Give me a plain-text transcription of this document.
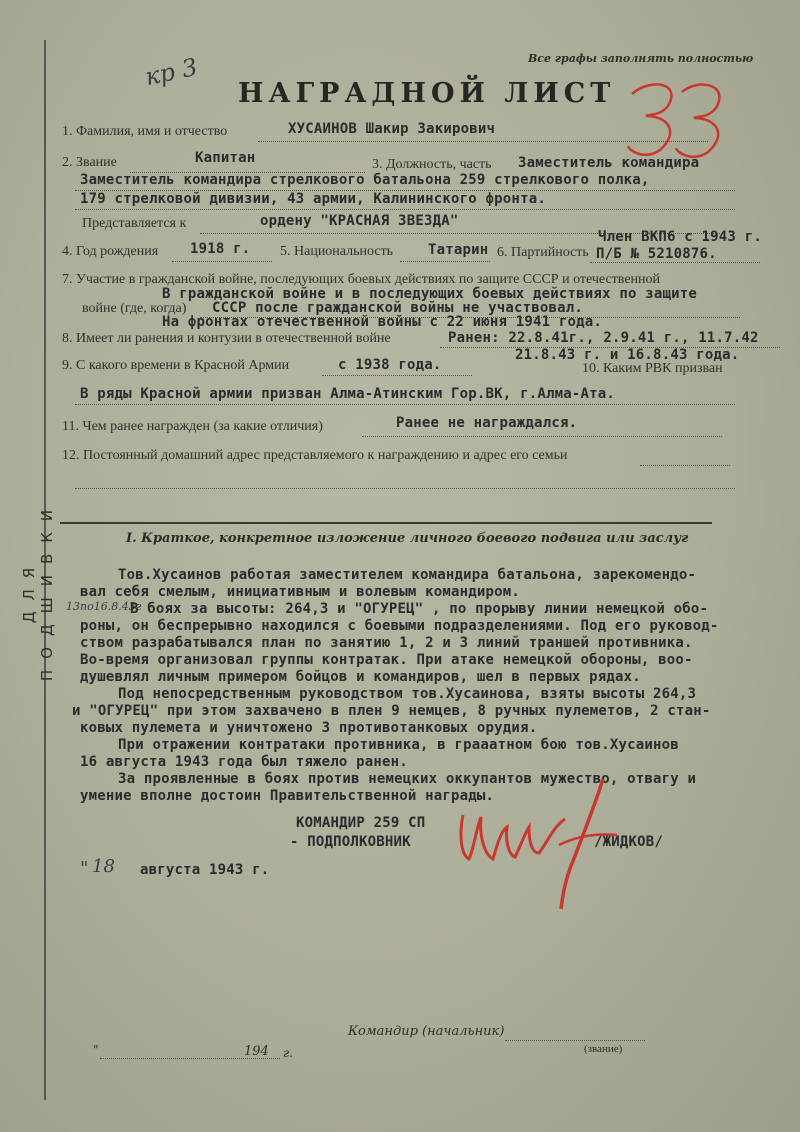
ДЛЯ ПОДШИВКИ
Все графы заполнять полностью
кр 3
НАГРАДНОЙ ЛИСТ
1. Фамилия, имя и отчество	ХУСАИНОВ Шакир Закирович
2. Звание	Капитан	3. Должность, часть Заместитель командира
Заместитель командира стрелкового батальона 259 стрелкового полка,
179 стрелковой дивизии, 43 армии, Калининского фронта.
Представляется к	ордену "КРАСНАЯ ЗВЕЗДА"
4. Год рождения 1918 г. 5. Национальность Татарин 6. Партийность
Член ВКП6 с 1943 г.
П/Б № 5210876.
7. Участие в гражданской войне, последующих боевых действиях по защите СССР и отечественной
войне (где, когда)
В гражданской войне и в последующих боевых действиях по защите
СССР после гражданской войны не участвовал.
На фронтах отечественной войны с 22 июня 1941 года.
8. Имеет ли ранения и контузии в отечественной войне	Ранен: 22.8.41г., 2.9.41 г., 11.7.42
21.8.43 г. и 16.8.43 года.
9. С какого времени в Красной Армии	с 1938 года.	10. Каким РВК призван
В ряды Красной армии призван Алма-Атинским Гор.ВК, г.Алма-Ата.
11. Чем ранее награжден (за какие отличия)	Ранее не награждался.
12. Постоянный домашний адрес представляемого к награждению и адрес его семьи
I. Краткое, конкретное изложение личного боевого подвига или заслуг
Тов.Хусаинов работая заместителем командира батальона, зарекомендо-
вал себя смелым, инициативным и волевым командиром.
13по16.8.43г
В боях за высоты: 264,3 и "ОГУРЕЦ" , по прорыву линии немецкой обо-
роны, он беспрерывно находился с боевыми подразделениями. Под его руковод-
ством разрабатывался план по занятию 1, 2 и 3 линий траншей противника.
Во-время организовал группы контратак. При атаке немецкой обороны, воо-
душевлял личным примером бойцов и командиров, шел в первых рядах.
Под непосредственным руководством тов.Хусаинова, взяты высоты 264,3
и "ОГУРЕЦ" при этом захвачено в плен 9 немцев, 8 ручных пулеметов, 2 стан-
ковых пулемета и уничтожено 3 противотанковых орудия.
При отражении контратаки противника, в грааатном бою тов.Хусаинов
16 августа 1943 года был тяжело ранен.
За проявленные в боях против немецких оккупантов мужество, отвагу и
умение вполне достоин Правительственной награды.
КОМАНДИР 259 СП
- ПОДПОЛКОВНИК	/ЖИДКОВ/
" 18 августа 1943 г.
Командир (начальник)
(звание)
"	194 г.
